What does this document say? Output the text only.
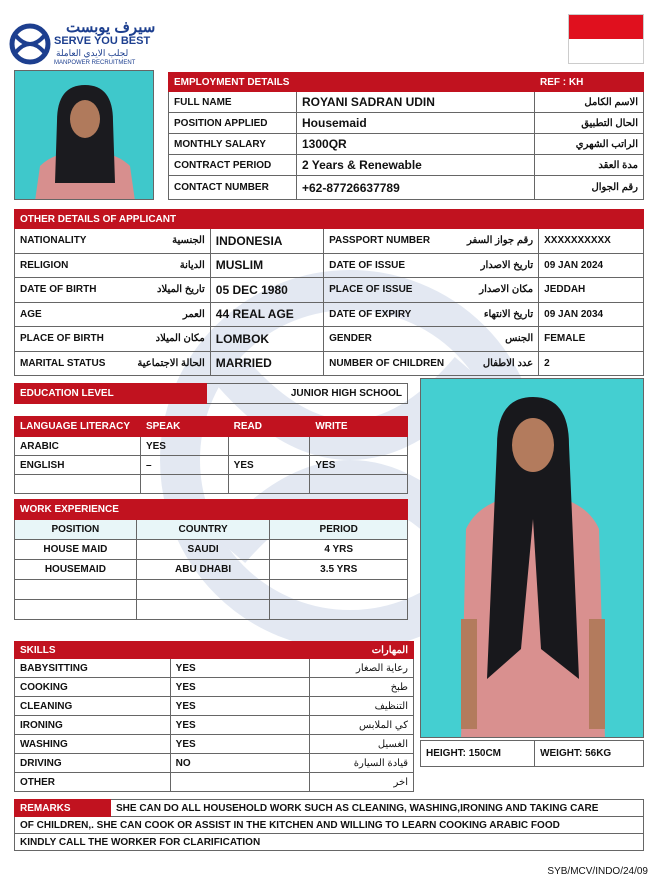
سيرف يوبست
SERVE YOU BEST
لجلب الايدي العاملة
MANPOWER RECRUITMENT
EMPLOYMENT DETAILS		REF : KH
FULL NAME	ROYANI SADRAN UDIN	الاسم الكامل
POSITION APPLIED	Housemaid	الحال التطبيق
MONTHLY SALARY	1300QR	الراتب الشهري
CONTRACT PERIOD	2 Years & Renewable	مدة العقد
CONTACT NUMBER	+62-87726637789	رقم الجوال
OTHER DETAILS OF APPLICANT					
NATIONALITY	الجنسية	INDONESIA	PASSPORT NUMBER	رقم جواز السفر	XXXXXXXXXX
RELIGION	الديانة	MUSLIM	DATE OF ISSUE	تاريخ الاصدار	09 JAN 2024
DATE OF BIRTH	تاريخ الميلاد	05 DEC 1980	PLACE OF ISSUE	مكان الاصدار	JEDDAH
AGE	العمر	44 REAL AGE	DATE OF EXPIRY	تاريخ الانتهاء	09 JAN 2034
PLACE OF BIRTH	مكان الميلاد	LOMBOK	GENDER	الجنس	FEMALE
MARITAL STATUS	الحالة الاجتماعية	MARRIED	NUMBER OF CHILDREN	عدد الاطفال	2
EDUCATION LEVEL	JUNIOR HIGH SCHOOL
LANGUAGE LITERACY	SPEAK	READ	WRITE
ARABIC	YES		
ENGLISH	–	YES	YES

WORK EXPERIENCE		
POSITION	COUNTRY	PERIOD
HOUSE MAID	SAUDI	4 YRS
HOUSEMAID	ABU DHABI	3.5 YRS

SKILLS		المهارات
BABYSITTING	YES	رعاية الصغار
COOKING	YES	طبخ
CLEANING	YES	التنظيف
IRONING	YES	كي الملابس
WASHING	YES	الغسيل
DRIVING	NO	قيادة السيارة
OTHER		اخر
HEIGHT: 150CM	WEIGHT: 56KG
REMARKS	SHE CAN DO ALL HOUSEHOLD WORK SUCH AS CLEANING, WASHING,IRONING AND TAKING CARE
OF CHILDREN,. SHE CAN COOK OR ASSIST IN THE KITCHEN AND WILLING TO LEARN COOKING ARABIC FOOD
KINDLY CALL THE WORKER FOR CLARIFICATION
SYB/MCV/INDO/24/09
